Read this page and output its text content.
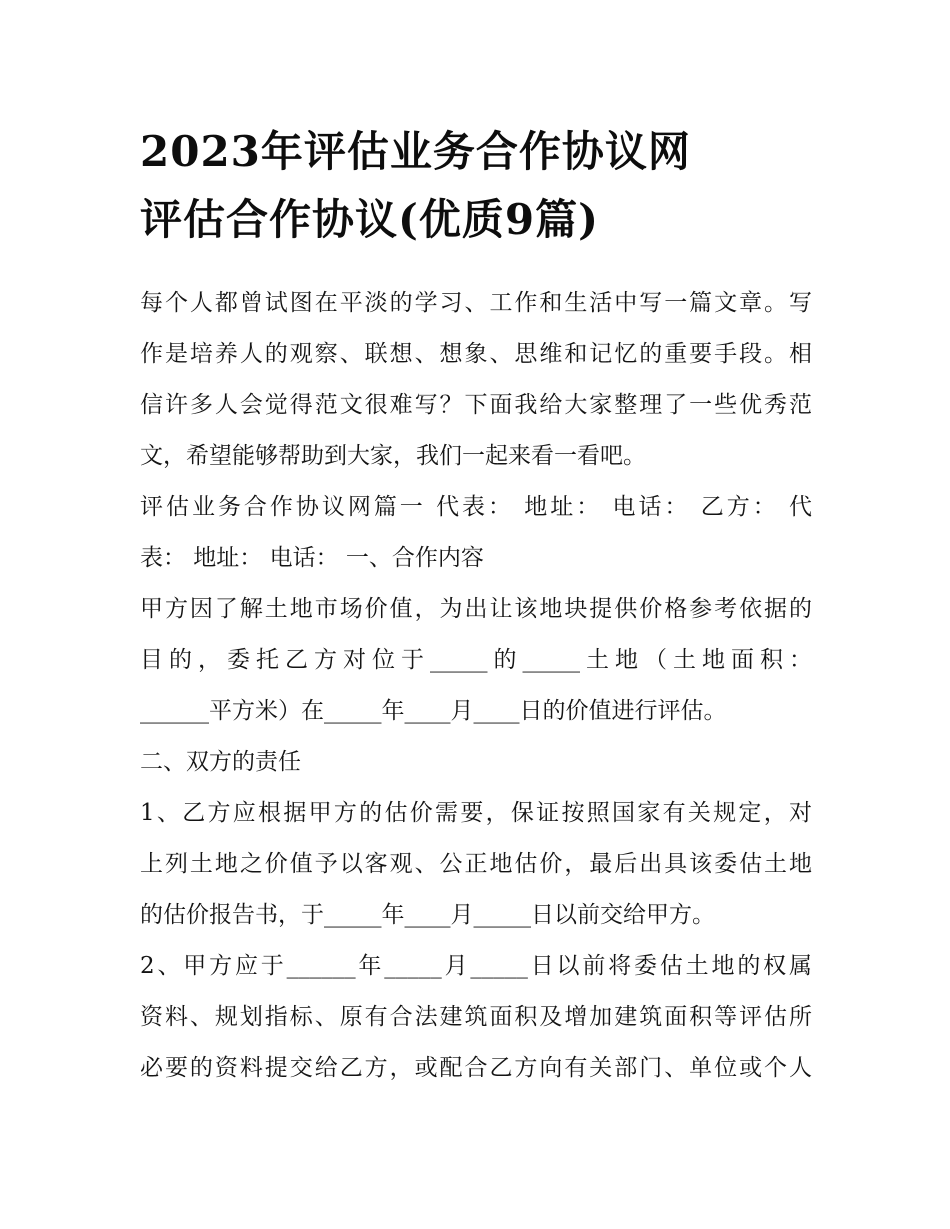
2023年评估业务合作协议网
评估合作协议(优质9篇)

每个人都曾试图在平淡的学习、工作和生活中写一篇文章。写
作是培养人的观察、联想、想象、思维和记忆的重要手段。相
信许多人会觉得范文很难写？下面我给大家整理了一些优秀范
文，希望能够帮助到大家，我们一起来看一看吧。

评估业务合作协议网篇一 代表： 地址： 电话： 乙方： 代
表： 地址： 电话： 一、合作内容

甲方因了解土地市场价值，为出让该地块提供价格参考依据的
目的，委托乙方对位于_____的_____土地（土地面积：
______平方米）在_____年____月____日的价值进行评估。

二、双方的责任

1、乙方应根据甲方的估价需要，保证按照国家有关规定，对
上列土地之价值予以客观、公正地估价，最后出具该委估土地
的估价报告书，于_____年____月_____日以前交给甲方。

2、甲方应于______年_____月_____日以前将委估土地的权属
资料、规划指标、原有合法建筑面积及增加建筑面积等评估所
必要的资料提交给乙方，或配合乙方向有关部门、单位或个人
